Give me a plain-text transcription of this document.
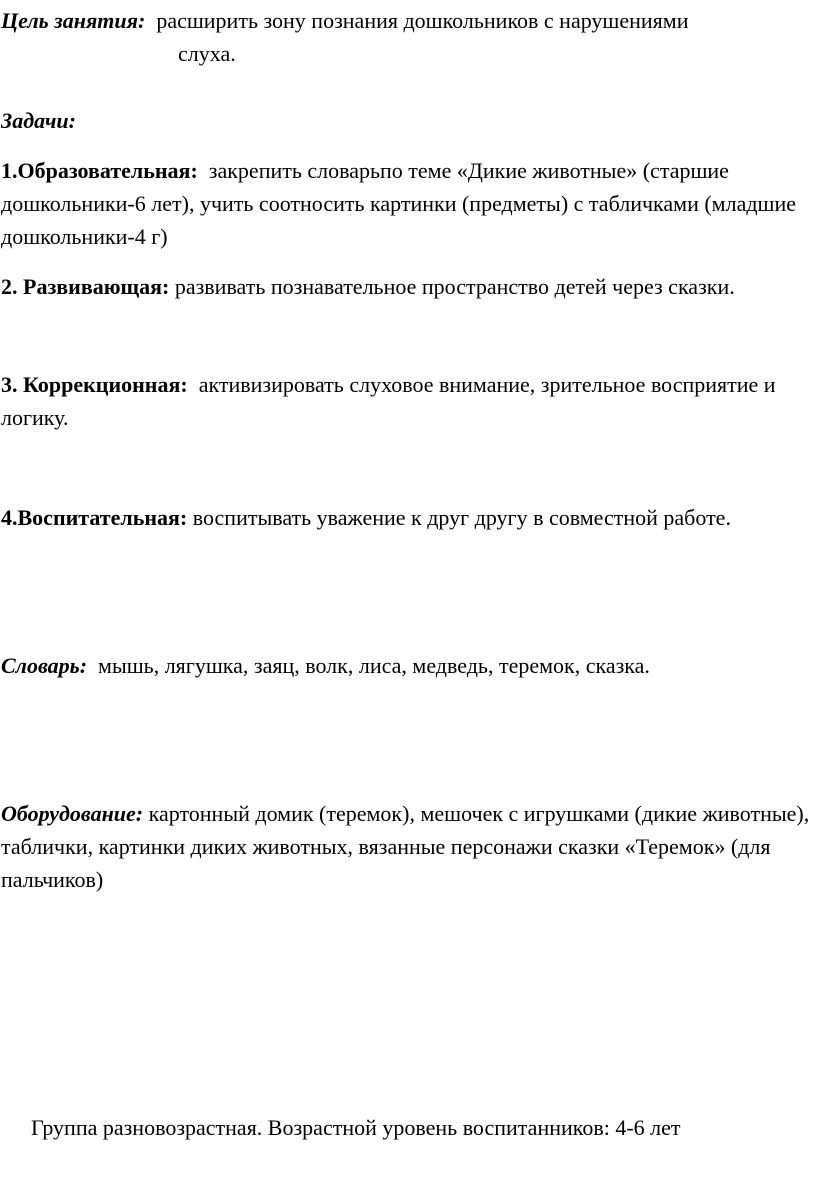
Цель занятия: расширить зону познания дошкольников с нарушениями
слуха.

Задачи:

1.Образовательная: закрепить словарьпо теме «Дикие животные» (старшие дошкольники-6 лет), учить соотносить картинки (предметы) с табличками (младшие дошкольники-4 г)

2. Развивающая: развивать познавательное пространство детей через сказки.

3. Коррекционная: активизировать слуховое внимание, зрительное восприятие и логику.

4.Воспитательная: воспитывать уважение к друг другу в совместной работе.

Словарь: мышь, лягушка, заяц, волк, лиса, медведь, теремок, сказка.

Оборудование: картонный домик (теремок), мешочек с игрушками (дикие животные), таблички, картинки диких животных, вязанные персонажи сказки «Теремок» (для пальчиков)

Группа разновозрастная. Возрастной уровень воспитанников: 4-6 лет
